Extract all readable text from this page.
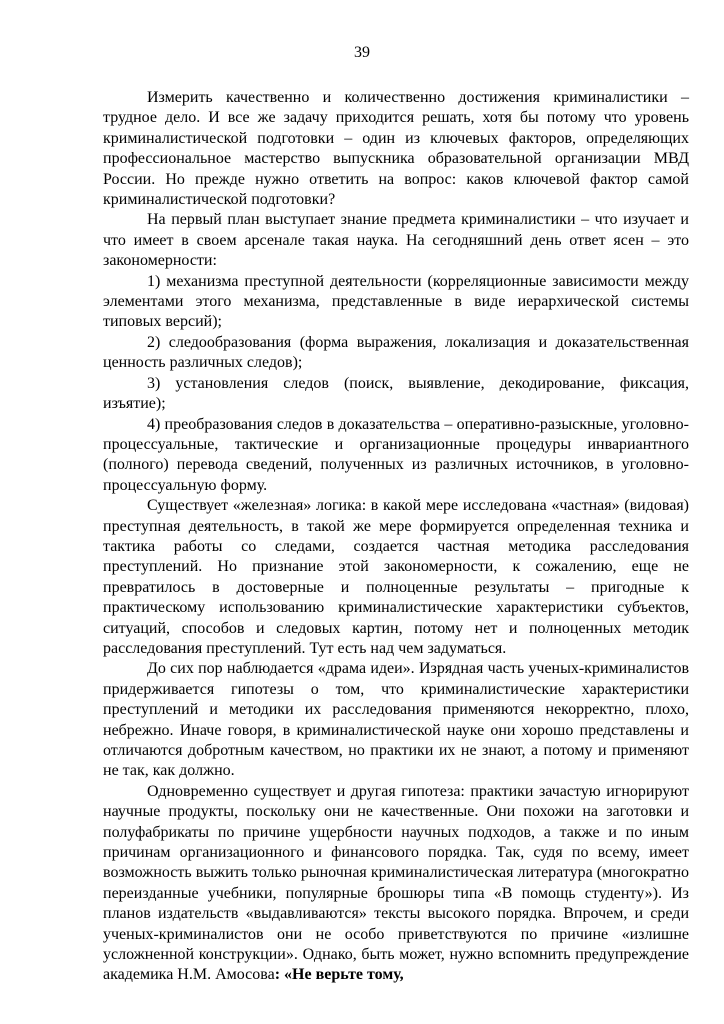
39

Измерить качественно и количественно достижения криминалистики – трудное дело. И все же задачу приходится решать, хотя бы потому что уровень криминалистической подготовки – один из ключевых факторов, определяющих профессиональное мастерство выпускника образовательной организации МВД России. Но прежде нужно ответить на вопрос: каков ключевой фактор самой криминалистической подготовки?

На первый план выступает знание предмета криминалистики – что изучает и что имеет в своем арсенале такая наука. На сегодняшний день ответ ясен – это закономерности:

1) механизма преступной деятельности (корреляционные зависимости между элементами этого механизма, представленные в виде иерархической системы типовых версий);

2) следообразования (форма выражения, локализация и доказательственная ценность различных следов);

3) установления следов (поиск, выявление, декодирование, фиксация, изъятие);

4) преобразования следов в доказательства – оперативно-разыскные, уголовно-процессуальные, тактические и организационные процедуры инвариантного (полного) перевода сведений, полученных из различных источников, в уголовно-процессуальную форму.

Существует «железная» логика: в какой мере исследована «частная» (видовая) преступная деятельность, в такой же мере формируется определенная техника и тактика работы со следами, создается частная методика расследования преступлений. Но признание этой закономерности, к сожалению, еще не превратилось в достоверные и полноценные результаты – пригодные к практическому использованию криминалистические характеристики субъектов, ситуаций, способов и следовых картин, потому нет и полноценных методик расследования преступлений. Тут есть над чем задуматься.

До сих пор наблюдается «драма идеи». Изрядная часть ученых-криминалистов придерживается гипотезы о том, что криминалистические характеристики преступлений и методики их расследования применяются некорректно, плохо, небрежно. Иначе говоря, в криминалистической науке они хорошо представлены и отличаются добротным качеством, но практики их не знают, а потому и применяют не так, как должно.

Одновременно существует и другая гипотеза: практики зачастую игнорируют научные продукты, поскольку они не качественные. Они похожи на заготовки и полуфабрикаты по причине ущербности научных подходов, а также и по иным причинам организационного и финансового порядка. Так, судя по всему, имеет возможность выжить только рыночная криминалистическая литература (многократно переизданные учебники, популярные брошюры типа «В помощь студенту»). Из планов издательств «выдавливаются» тексты высокого порядка. Впрочем, и среди ученых-криминалистов они не особо приветствуются по причине «излишне усложненной конструкции». Однако, быть может, нужно вспомнить предупреждение академика Н.М. Амосова: «Не верьте тому,
